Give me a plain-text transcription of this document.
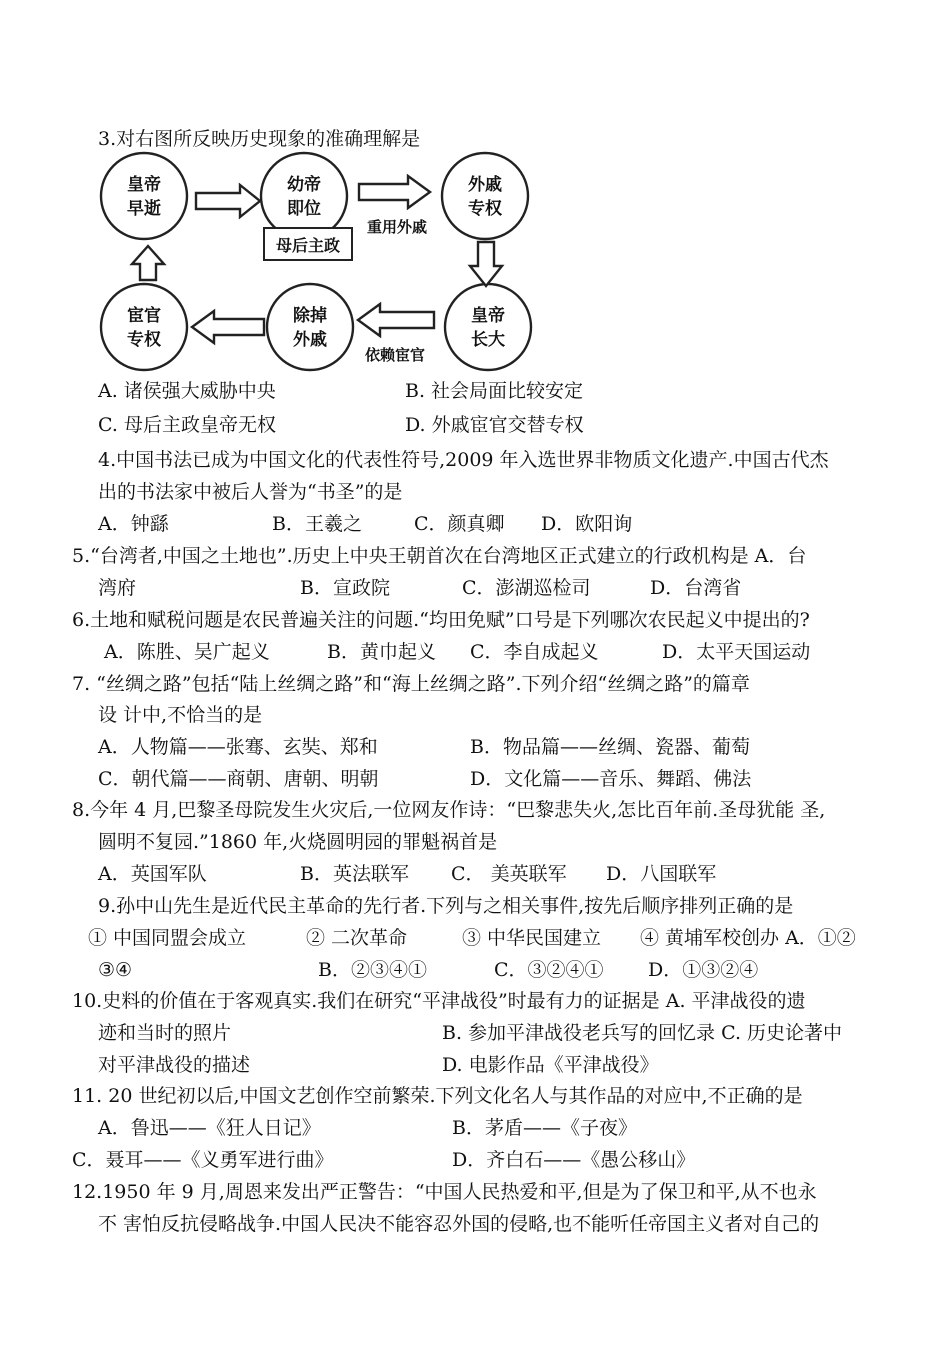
3.对右图所反映历史现象的准确理解是
皇帝
早逝
幼帝
即位
外戚
专权
皇帝
长大
除掉
外戚
宦官
专权
母后主政
重用外戚
依赖宦官
A. 诸侯强大威胁中央	B. 社会局面比较安定
C. 母后主政皇帝无权	D. 外戚宦官交替专权
4.中国书法已成为中国文化的代表性符号,2009 年入选世界非物质文化遗产.中国古代杰
出的书法家中被后人誉为“书圣”的是
A．钟繇	B．王羲之	C．颜真卿 D．欧阳询
5.“台湾者,中国之土地也”.历史上中央王朝首次在台湾地区正式建立的行政机构是 A．台
湾府	B．宣政院	C．澎湖巡检司	D．台湾省
6.土地和赋税问题是农民普遍关注的问题.“均田免赋”口号是下列哪次农民起义中提出的?
A．陈胜、吴广起义	B．黄巾起义 C．李自成起义	D．太平天国运动
7. “丝绸之路”包括“陆上丝绸之路”和“海上丝绸之路”.下列介绍“丝绸之路”的篇章
设 计中,不恰当的是
A．人物篇——张骞、玄奘、郑和	B．物品篇——丝绸、瓷器、葡萄
C．朝代篇——商朝、唐朝、明朝	D．文化篇——音乐、舞蹈、佛法
8.今年 4 月,巴黎圣母院发生火灾后,一位网友作诗：“巴黎悲失火,怎比百年前.圣母犹能 圣,
圆明不复园.”1860 年,火烧圆明园的罪魁祸首是
A．英国军队	B．英法联军 C． 美英联军 D．八国联军
9.孙中山先生是近代民主革命的先行者.下列与之相关事件,按先后顺序排列正确的是
① 中国同盟会成立	② 二次革命	③ 中华民国建立 ④ 黄埔军校创办 A．①②
③④	B．②③④①	C．③②④① D．①③②④
10.史料的价值在于客观真实.我们在研究“平津战役”时最有力的证据是 A. 平津战役的遗
迹和当时的照片	B. 参加平津战役老兵写的回忆录 C. 历史论著中
对平津战役的描述	D. 电影作品《平津战役》
11. 20 世纪初以后,中国文艺创作空前繁荣.下列文化名人与其作品的对应中,不正确的是
A．鲁迅——《狂人日记》	B．茅盾——《子夜》
C．聂耳——《义勇军进行曲》	D．齐白石——《愚公移山》
12.1950 年 9 月,周恩来发出严正警告：“中国人民热爱和平,但是为了保卫和平,从不也永
不 害怕反抗侵略战争.中国人民决不能容忍外国的侵略,也不能听任帝国主义者对自己的
